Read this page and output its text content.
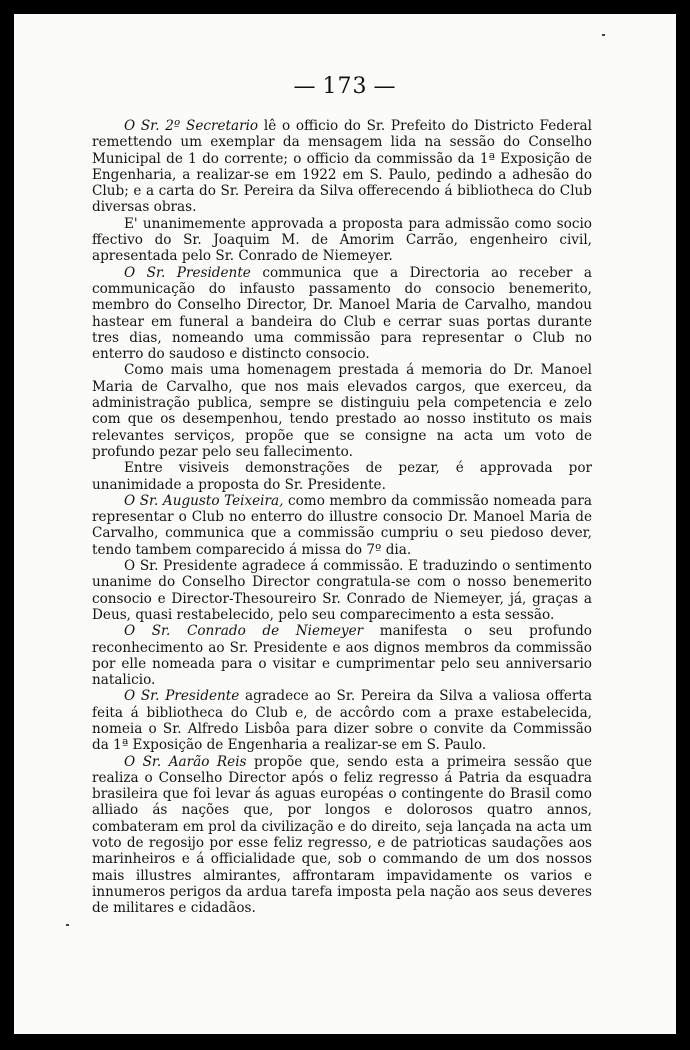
— 173 —

O Sr. 2º Secretario lê o officio do Sr. Prefeito do Districto Federal remettendo um exemplar da mensagem lida na sessão do Conselho Municipal de 1 do corrente; o officio da commissão da 1ª Exposição de Engenharia, a realizar-se em 1922 em S. Paulo, pedindo a adhesão do Club; e a carta do Sr. Pereira da Silva offerecendo á bibliotheca do Club diversas obras.

E' unanimemente approvada a proposta para admissão como socio ffectivo do Sr. Joaquim M. de Amorim Carrão, engenheiro civil, apresentada pelo Sr. Conrado de Niemeyer.

O Sr. Presidente communica que a Directoria ao receber a communicação do infausto passamento do consocio benemerito, membro do Conselho Director, Dr. Manoel Maria de Carvalho, mandou hastear em funeral a bandeira do Club e cerrar suas portas durante tres dias, nomeando uma commissão para representar o Club no enterro do saudoso e distincto consocio.

Como mais uma homenagem prestada á memoria do Dr. Manoel Maria de Carvalho, que nos mais elevados cargos, que exerceu, da administração publica, sempre se distinguiu pela competencia e zelo com que os desempenhou, tendo prestado ao nosso instituto os mais relevantes serviços, propõe que se consigne na acta um voto de profundo pezar pelo seu fallecimento.

Entre visiveis demonstrações de pezar, é approvada por unanimidade a proposta do Sr. Presidente.

O Sr. Augusto Teixeira, como membro da commissão nomeada para representar o Club no enterro do illustre consocio Dr. Manoel Maria de Carvalho, communica que a commissão cumpriu o seu piedoso dever, tendo tambem comparecido á missa do 7º dia.

O Sr. Presidente agradece á commissão. E traduzindo o sentimento unanime do Conselho Director congratula-se com o nosso benemerito consocio e Director-Thesoureiro Sr. Conrado de Niemeyer, já, graças a Deus, quasi restabelecido, pelo seu comparecimento a esta sessão.

O Sr. Conrado de Niemeyer manifesta o seu profundo reconhecimento ao Sr. Presidente e aos dignos membros da commissão por elle nomeada para o visitar e cumprimentar pelo seu anniversario natalicio.

O Sr. Presidente agradece ao Sr. Pereira da Silva a valiosa offerta feita á bibliotheca do Club e, de accôrdo com a praxe estabelecida, nomeia o Sr. Alfredo Lisbôa para dizer sobre o convite da Commissão da 1ª Exposição de Engenharia a realizar-se em S. Paulo.

O Sr. Aarão Reis propõe que, sendo esta a primeira sessão que realiza o Conselho Director após o feliz regresso á Patria da esquadra brasileira que foi levar ás aguas européas o contingente do Brasil como alliado ás nações que, por longos e dolorosos quatro annos, combateram em prol da civilização e do direito, seja lançada na acta um voto de regosijo por esse feliz regresso, e de patrioticas saudações aos marinheiros e á officialidade que, sob o commando de um dos nossos mais illustres almirantes, affrontaram impavidamente os varios e innumeros perigos da ardua tarefa imposta pela nação aos seus deveres de militares e cidadãos.
